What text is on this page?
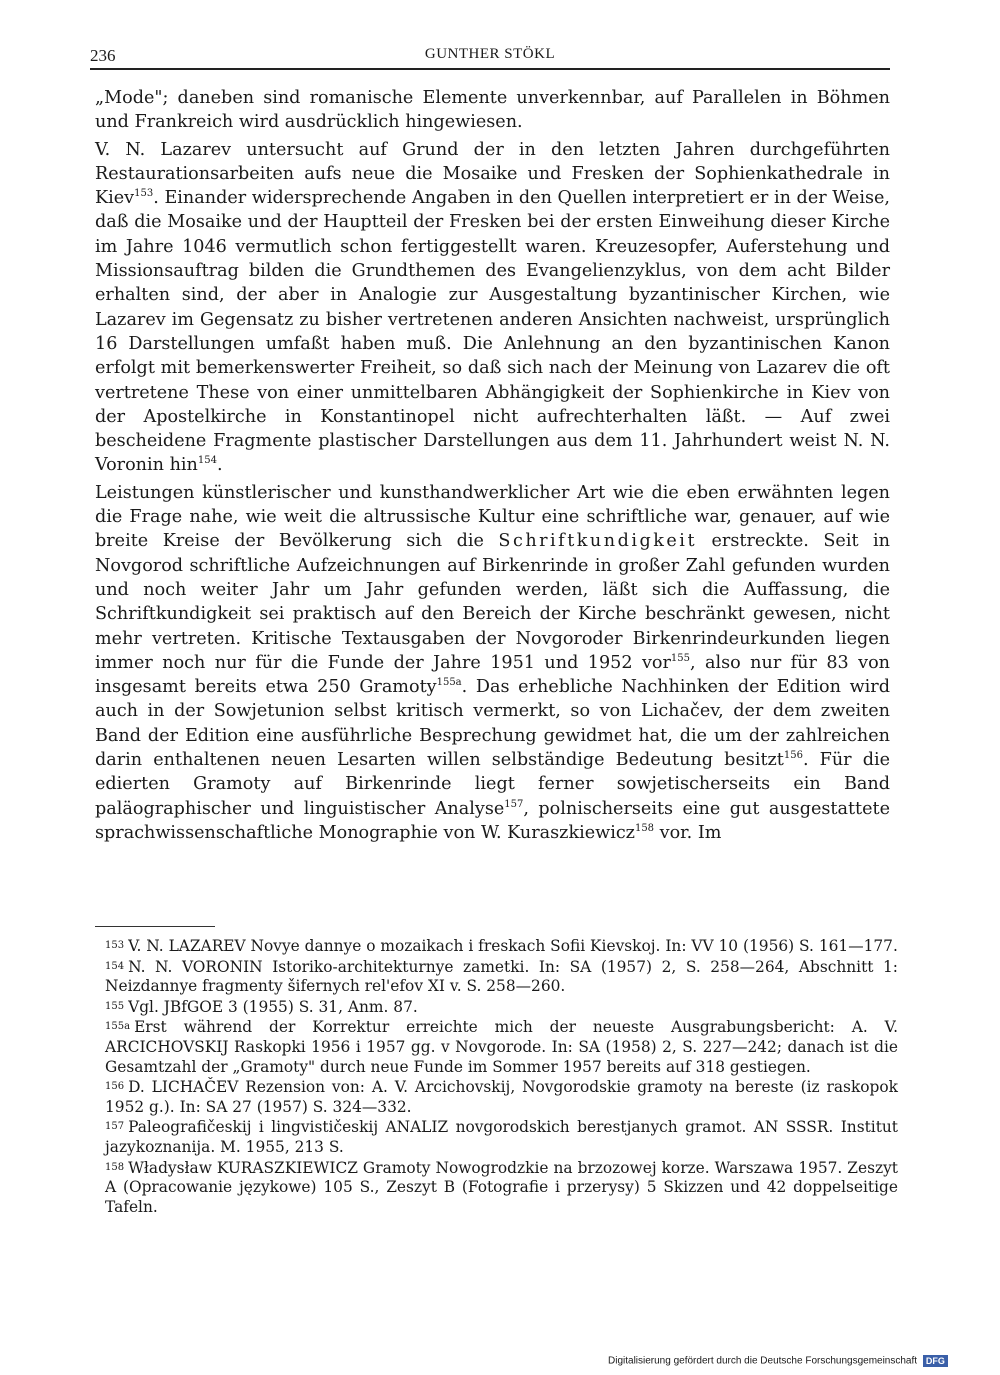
236	GUNTHER STÖKL

„Mode"; daneben sind romanische Elemente unverkennbar, auf Parallelen in Böhmen und Frankreich wird ausdrücklich hingewiesen.

V. N. Lazarev untersucht auf Grund der in den letzten Jahren durchgeführten Restaurationsarbeiten aufs neue die Mosaike und Fresken der Sophienkathedrale in Kiev$^{153}$. Einander widersprechende Angaben in den Quellen interpretiert er in der Weise, daß die Mosaike und der Hauptteil der Fresken bei der ersten Einweihung dieser Kirche im Jahre 1046 vermutlich schon fertiggestellt waren. Kreuzesopfer, Auferstehung und Missionsauftrag bilden die Grundthemen des Evangelienzyklus, von dem acht Bilder erhalten sind, der aber in Analogie zur Ausgestaltung byzantinischer Kirchen, wie Lazarev im Gegensatz zu bisher vertretenen anderen Ansichten nachweist, ursprünglich 16 Darstellungen umfaßt haben muß. Die Anlehnung an den byzantinischen Kanon erfolgt mit bemerkenswerter Freiheit, so daß sich nach der Meinung von Lazarev die oft vertretene These von einer unmittelbaren Abhängigkeit der Sophienkirche in Kiev von der Apostelkirche in Konstantinopel nicht aufrechterhalten läßt. — Auf zwei bescheidene Fragmente plastischer Darstellungen aus dem 11. Jahrhundert weist N. N. Voronin hin$^{154}$.

Leistungen künstlerischer und kunsthandwerklicher Art wie die eben erwähnten legen die Frage nahe, wie weit die altrussische Kultur eine schriftliche war, genauer, auf wie breite Kreise der Bevölkerung sich die Schriftkundigkeit erstreckte. Seit in Novgorod schriftliche Aufzeichnungen auf Birkenrinde in großer Zahl gefunden wurden und noch weiter Jahr um Jahr gefunden werden, läßt sich die Auffassung, die Schriftkundigkeit sei praktisch auf den Bereich der Kirche beschränkt gewesen, nicht mehr vertreten. Kritische Textausgaben der Novgoroder Birkenrindeurkunden liegen immer noch nur für die Funde der Jahre 1951 und 1952 vor$^{155}$, also nur für 83 von insgesamt bereits etwa 250 Gramoty$^{155a}$. Das erhebliche Nachhinken der Edition wird auch in der Sowjetunion selbst kritisch vermerkt, so von Lichačev, der dem zweiten Band der Edition eine ausführliche Besprechung gewidmet hat, die um der zahlreichen darin enthaltenen neuen Lesarten willen selbständige Bedeutung besitzt$^{156}$. Für die edierten Gramoty auf Birkenrinde liegt ferner sowjetischerseits ein Band paläographischer und linguistischer Analyse$^{157}$, polnischerseits eine gut ausgestattete sprachwissenschaftliche Monographie von W. Kuraszkiewicz$^{158}$ vor. Im

153 V. N. LAZAREV Novye dannye o mozaikach i freskach Sofii Kievskoj. In: VV 10 (1956) S. 161—177.

154 N. N. VORONIN Istoriko-architekturnye zametki. In: SA (1957) 2, S. 258—264, Abschnitt 1: Neizdannye fragmenty šifernych rel'efov XI v. S. 258—260.

155 Vgl. JBfGOE 3 (1955) S. 31, Anm. 87.

155a Erst während der Korrektur erreichte mich der neueste Ausgrabungsbericht: A. V. ARCICHOVSKIJ Raskopki 1956 i 1957 gg. v Novgorode. In: SA (1958) 2, S. 227—242; danach ist die Gesamtzahl der „Gramoty" durch neue Funde im Sommer 1957 bereits auf 318 gestiegen.

156 D. LICHAČEV Rezension von: A. V. Arcichovskij, Novgorodskie gramoty na bereste (iz raskopok 1952 g.). In: SA 27 (1957) S. 324—332.

157 Paleografičeskij i lingvističeskij ANALIZ novgorodskich berestjanych gramot. AN SSSR. Institut jazykoznanija. M. 1955, 213 S.

158 Władysław KURASZKIEWICZ Gramoty Nowogrodzkie na brzozowej korze. Warszawa 1957. Zeszyt A (Opracowanie językowe) 105 S., Zeszyt B (Fotografie i przerysy) 5 Skizzen und 42 doppelseitige Tafeln.

Digitalisierung gefördert durch die Deutsche Forschungsgemeinschaft DFG
